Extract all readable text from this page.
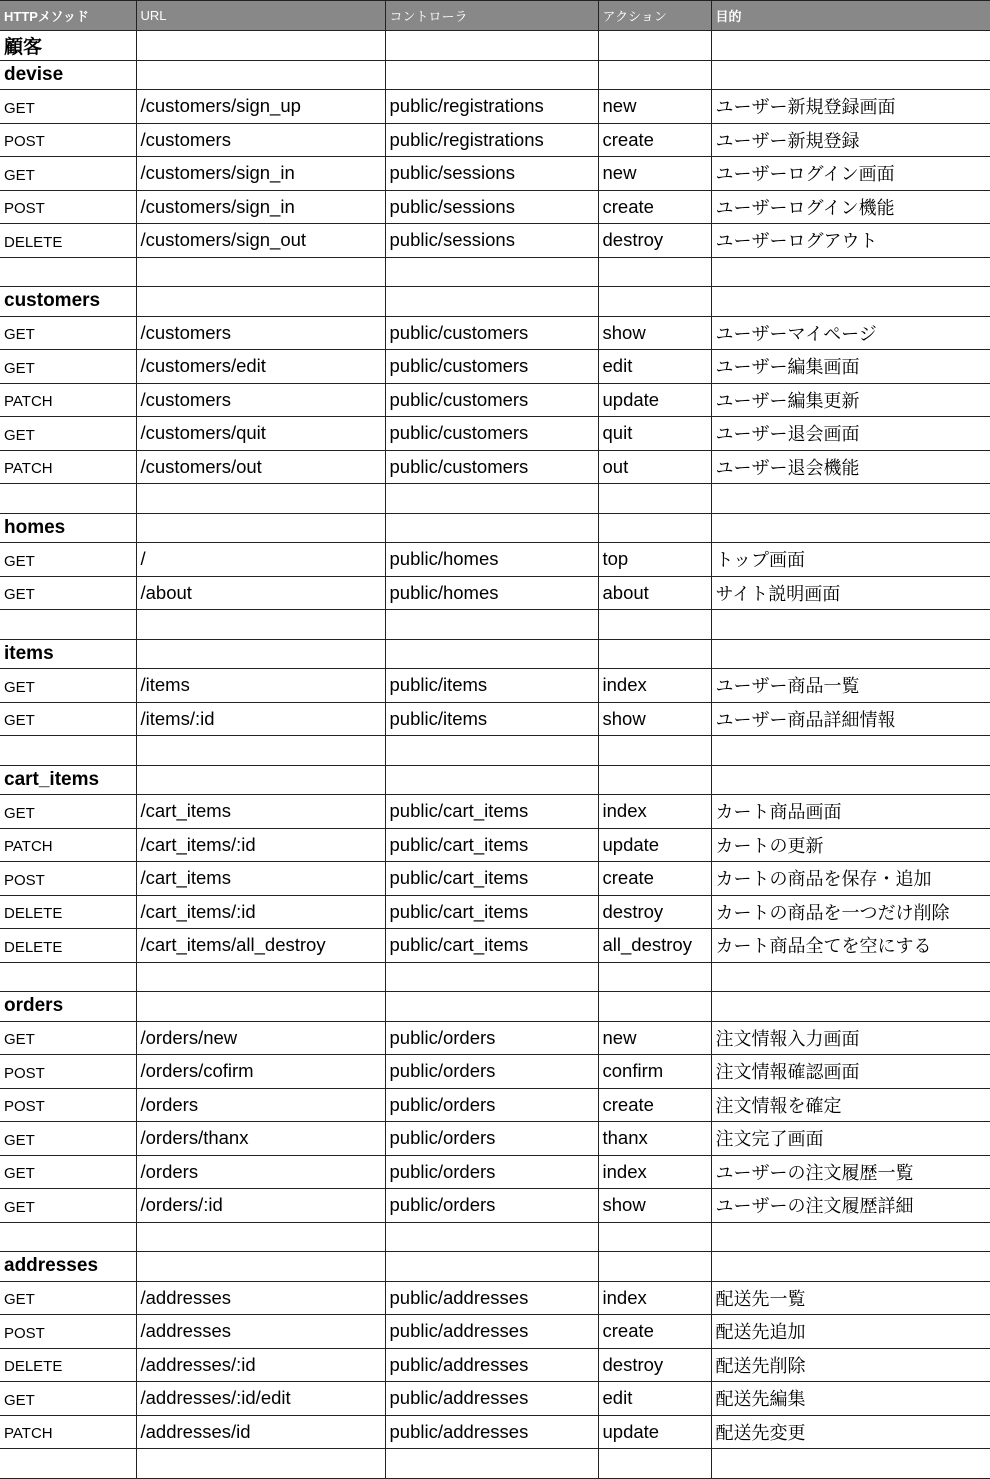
HTTPメソッド	URL	コントローラ	アクション	目的
顧客				
devise				
GET	/customers/sign_up	public/registrations	new	ユーザー新規登録画面
POST	/customers	public/registrations	create	ユーザー新規登録
GET	/customers/sign_in	public/sessions	new	ユーザーログイン画面
POST	/customers/sign_in	public/sessions	create	ユーザーログイン機能
DELETE	/customers/sign_out	public/sessions	destroy	ユーザーログアウト

customers				
GET	/customers	public/customers	show	ユーザーマイページ
GET	/customers/edit	public/customers	edit	ユーザー編集画面
PATCH	/customers	public/customers	update	ユーザー編集更新
GET	/customers/quit	public/customers	quit	ユーザー退会画面
PATCH	/customers/out	public/customers	out	ユーザー退会機能

homes				
GET	/	public/homes	top	トップ画面
GET	/about	public/homes	about	サイト説明画面

items				
GET	/items	public/items	index	ユーザー商品一覧
GET	/items/:id	public/items	show	ユーザー商品詳細情報

cart_items				
GET	/cart_items	public/cart_items	index	カート商品画面
PATCH	/cart_items/:id	public/cart_items	update	カートの更新
POST	/cart_items	public/cart_items	create	カートの商品を保存・追加
DELETE	/cart_items/:id	public/cart_items	destroy	カートの商品を一つだけ削除
DELETE	/cart_items/all_destroy	public/cart_items	all_destroy	カート商品全てを空にする

orders				
GET	/orders/new	public/orders	new	注文情報入力画面
POST	/orders/cofirm	public/orders	confirm	注文情報確認画面
POST	/orders	public/orders	create	注文情報を確定
GET	/orders/thanx	public/orders	thanx	注文完了画面
GET	/orders	public/orders	index	ユーザーの注文履歴一覧
GET	/orders/:id	public/orders	show	ユーザーの注文履歴詳細

addresses				
GET	/addresses	public/addresses	index	配送先一覧
POST	/addresses	public/addresses	create	配送先追加
DELETE	/addresses/:id	public/addresses	destroy	配送先削除
GET	/addresses/:id/edit	public/addresses	edit	配送先編集
PATCH	/addresses/id	public/addresses	update	配送先変更
